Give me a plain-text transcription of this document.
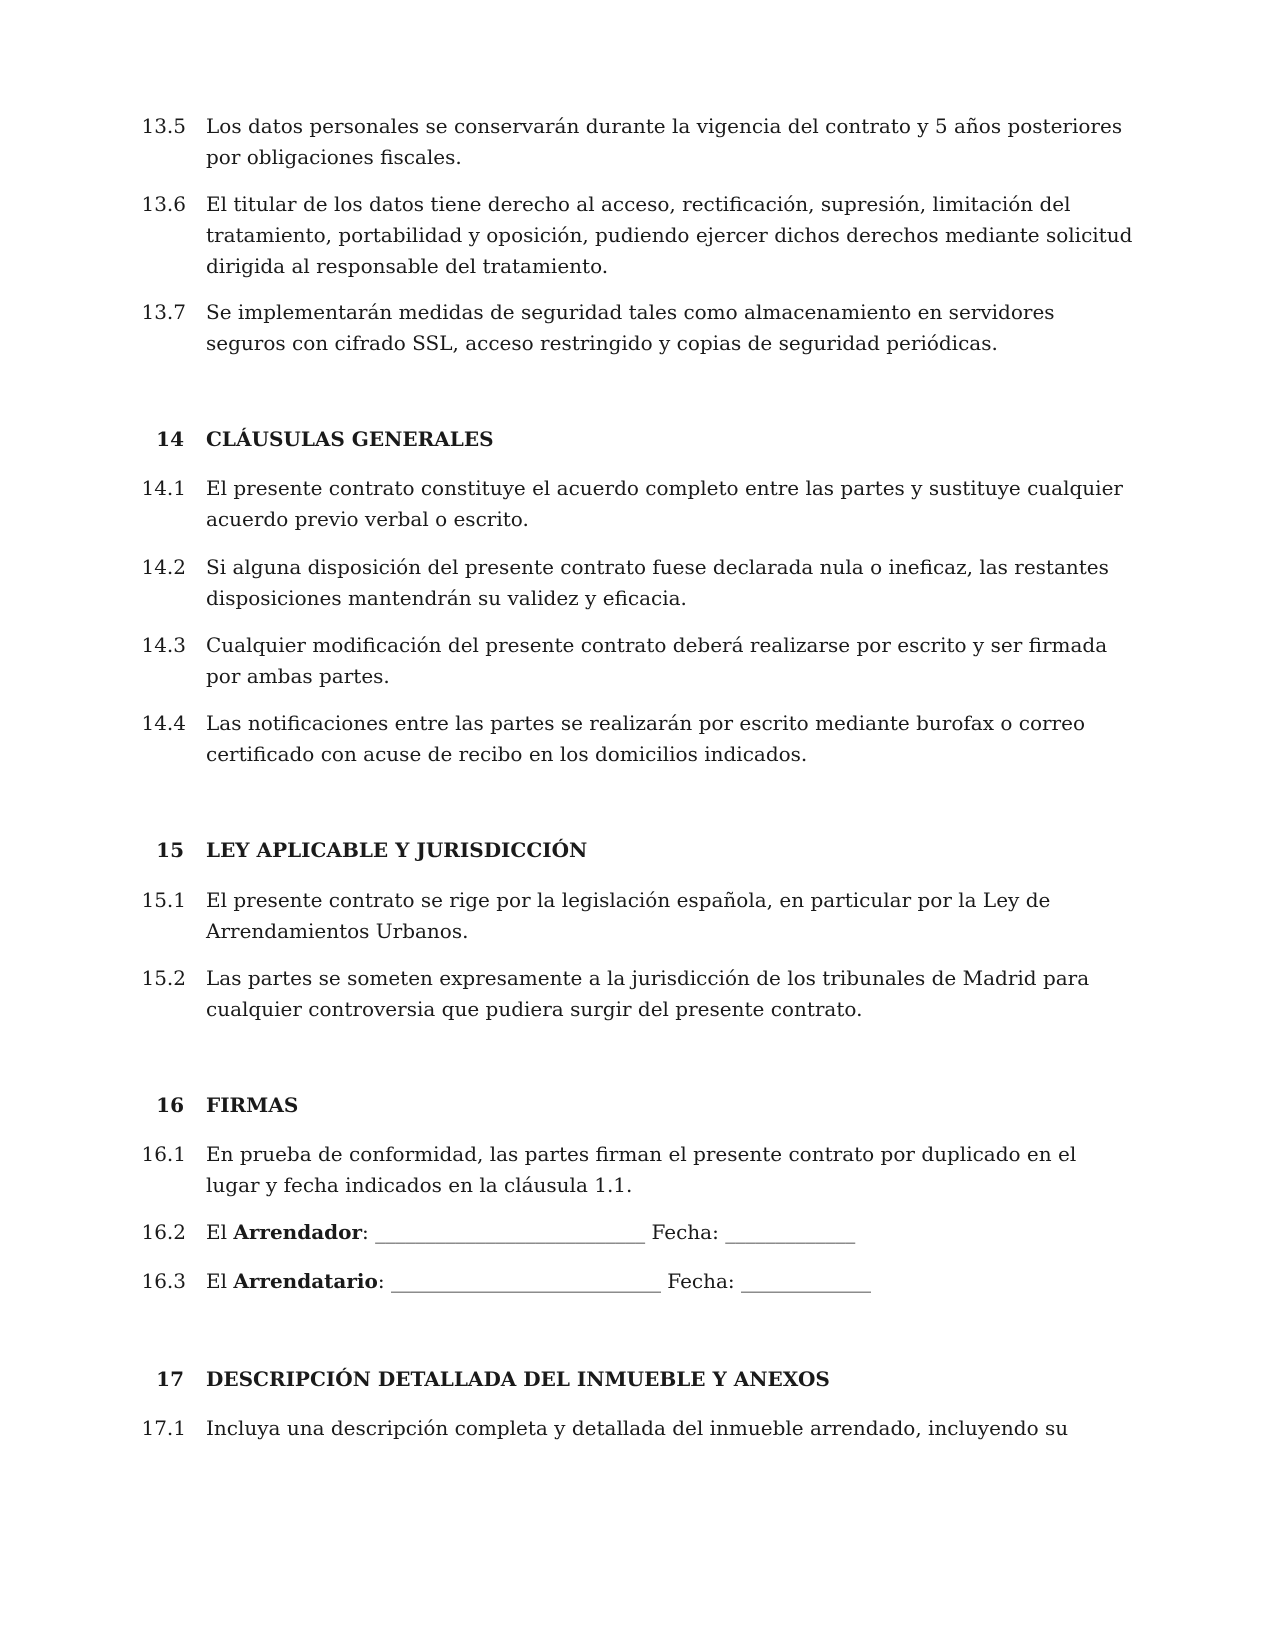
13.5 Los datos personales se conservarán durante la vigencia del contrato y 5 años posteriores por obligaciones fiscales.
13.6 El titular de los datos tiene derecho al acceso, rectificación, supresión, limitación del tratamiento, portabilidad y oposición, pudiendo ejercer dichos derechos mediante solicitud dirigida al responsable del tratamiento.
13.7 Se implementarán medidas de seguridad tales como almacenamiento en servidores seguros con cifrado SSL, acceso restringido y copias de seguridad periódicas.
14 CLÁUSULAS GENERALES
14.1 El presente contrato constituye el acuerdo completo entre las partes y sustituye cualquier acuerdo previo verbal o escrito.
14.2 Si alguna disposición del presente contrato fuese declarada nula o ineficaz, las restantes disposiciones mantendrán su validez y eficacia.
14.3 Cualquier modificación del presente contrato deberá realizarse por escrito y ser firmada por ambas partes.
14.4 Las notificaciones entre las partes se realizarán por escrito mediante burofax o correo certificado con acuse de recibo en los domicilios indicados.
15 LEY APLICABLE Y JURISDICCIÓN
15.1 El presente contrato se rige por la legislación española, en particular por la Ley de Arrendamientos Urbanos.
15.2 Las partes se someten expresamente a la jurisdicción de los tribunales de Madrid para cualquier controversia que pudiera surgir del presente contrato.
16 FIRMAS
16.1 En prueba de conformidad, las partes firman el presente contrato por duplicado en el lugar y fecha indicados en la cláusula 1.1.
16.2 El Arrendador: ___________________________ Fecha: _____________
16.3 El Arrendatario: ___________________________ Fecha: _____________
17 DESCRIPCIÓN DETALLADA DEL INMUEBLE Y ANEXOS
17.1 Incluya una descripción completa y detallada del inmueble arrendado, incluyendo su
